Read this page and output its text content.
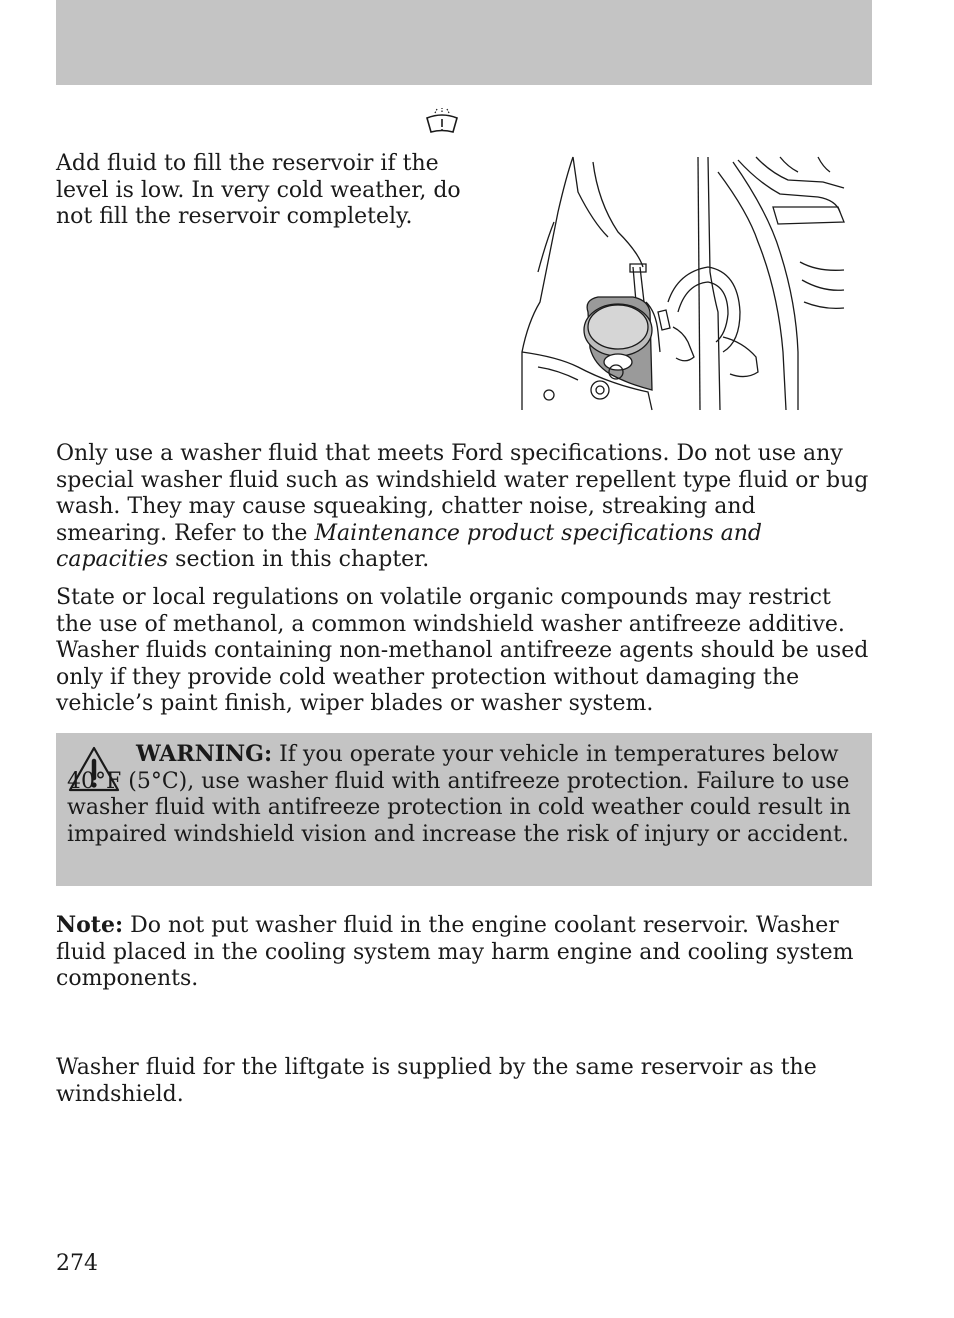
Add fluid to fill the reservoir if the level is low. In very cold weather, do not fill the reservoir completely.

Only use a washer fluid that meets Ford specifications. Do not use any special washer fluid such as windshield water repellent type fluid or bug wash. They may cause squeaking, chatter noise, streaking and smearing. Refer to the Maintenance product specifications and capacities section in this chapter.

State or local regulations on volatile organic compounds may restrict the use of methanol, a common windshield washer antifreeze additive. Washer fluids containing non-methanol antifreeze agents should be used only if they provide cold weather protection without damaging the vehicle’s paint finish, wiper blades or washer system.

WARNING: If you operate your vehicle in temperatures below 40°F (5°C), use washer fluid with antifreeze protection. Failure to use washer fluid with antifreeze protection in cold weather could result in impaired windshield vision and increase the risk of injury or accident.

Note: Do not put washer fluid in the engine coolant reservoir. Washer fluid placed in the cooling system may harm engine and cooling system components.

Washer fluid for the liftgate is supplied by the same reservoir as the windshield.

274
